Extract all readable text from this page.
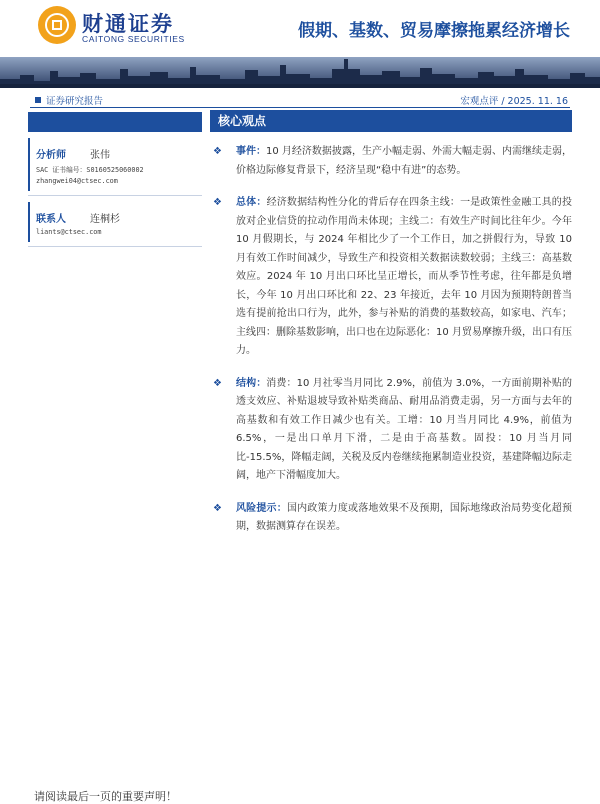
财通证券
CAITONG SECURITIES	假期、基数、贸易摩擦拖累经济增长
证券研究报告	宏观点评 / 2025. 11. 16
分析师 张伟
SAC 证书编号：S0160525060002
zhangwei04@ctsec.com
联系人 连桐杉
liants@ctsec.com
核心观点
❖ 事件：10 月经济数据披露，生产小幅走弱、外需大幅走弱、内需继续走弱，价格边际修复背景下，经济呈现“稳中有进”的态势。
❖ 总体：经济数据结构性分化的背后存在四条主线：一是政策性金融工具的投放对企业信贷的拉动作用尚未体现；主线二：有效生产时间比往年少。今年 10 月假期长，与 2024 年相比少了一个工作日，加之拼假行为，导致 10 月有效工作时间减少，导致生产和投资相关数据读数较弱；主线三：高基数效应。2024 年 10 月出口环比呈正增长，而从季节性考虑，往年都是负增长，今年 10 月出口环比和 22、23 年接近，去年 10 月因为预期特朗普当选有提前抢出口行为，此外，参与补贴的消费的基数较高，如家电、汽车；主线四：删除基数影响，出口也在边际恶化：10 月贸易摩擦升级，出口有压力。
❖ 结构：消费：10 月社零当月同比 2.9%，前值为 3.0%，一方面前期补贴的透支效应、补贴退坡导致补贴类商品、耐用品消费走弱，另一方面与去年的高基数和有效工作日减少也有关。工增：10 月当月同比 4.9%，前值为 6.5%，一是出口单月下滑，二是由于高基数。固投：10 月当月同比-15.5%，降幅走阔，关税及反内卷继续拖累制造业投资，基建降幅边际走阔，地产下滑幅度加大。
❖ 风险提示：国内政策力度或落地效果不及预期，国际地缘政治局势变化超预期，数据测算存在误差。
请阅读最后一页的重要声明！
